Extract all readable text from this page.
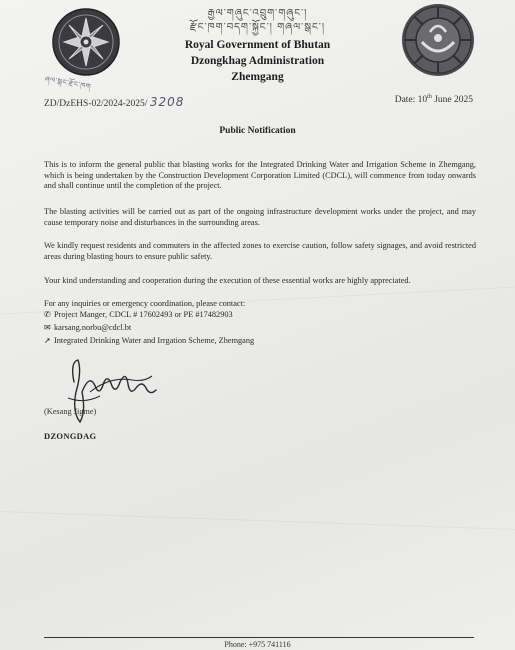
ཞལ་སྒང་རྫོང་ཁག
རྒྱལ་གཞུང་འབྲུག་གཞུང་།
རྫོང་ཁག་བདག་སྐྱོང་། གཞལ་སྒང་།
Royal Government of Bhutan
Dzongkhag Administration
Zhemgang
ZD/DzEHS-02/2024-2025/ 3208	Date: 10th June 2025
Public Notification
This is to inform the general public that blasting works for the Integrated Drinking Water and Irrigation Scheme in Zhemgang, which is being undertaken by the Construction Development Corporation Limited (CDCL), will commence from today onwards and shall continue until the completion of the project.
The blasting activities will be carried out as part of the ongoing infrastructure development works under the project, and may cause temporary noise and disturbances in the surrounding areas.
We kindly request residents and commuters in the affected zones to exercise caution, follow safety signages, and avoid restricted areas during blasting hours to ensure public safety.
Your kind understanding and cooperation during the execution of these essential works are highly appreciated.
For any inquiries or emergency coordination, please contact:
✆ Project Manger, CDCL # 17602493 or PE #17482903
✉ karsang.norbu@cdcl.bt
➚ Integrated Drinking Water and Irrgation Scheme, Zhemgang
(Kesang Jigme)
DZONGDAG
Phone: +975 741116
